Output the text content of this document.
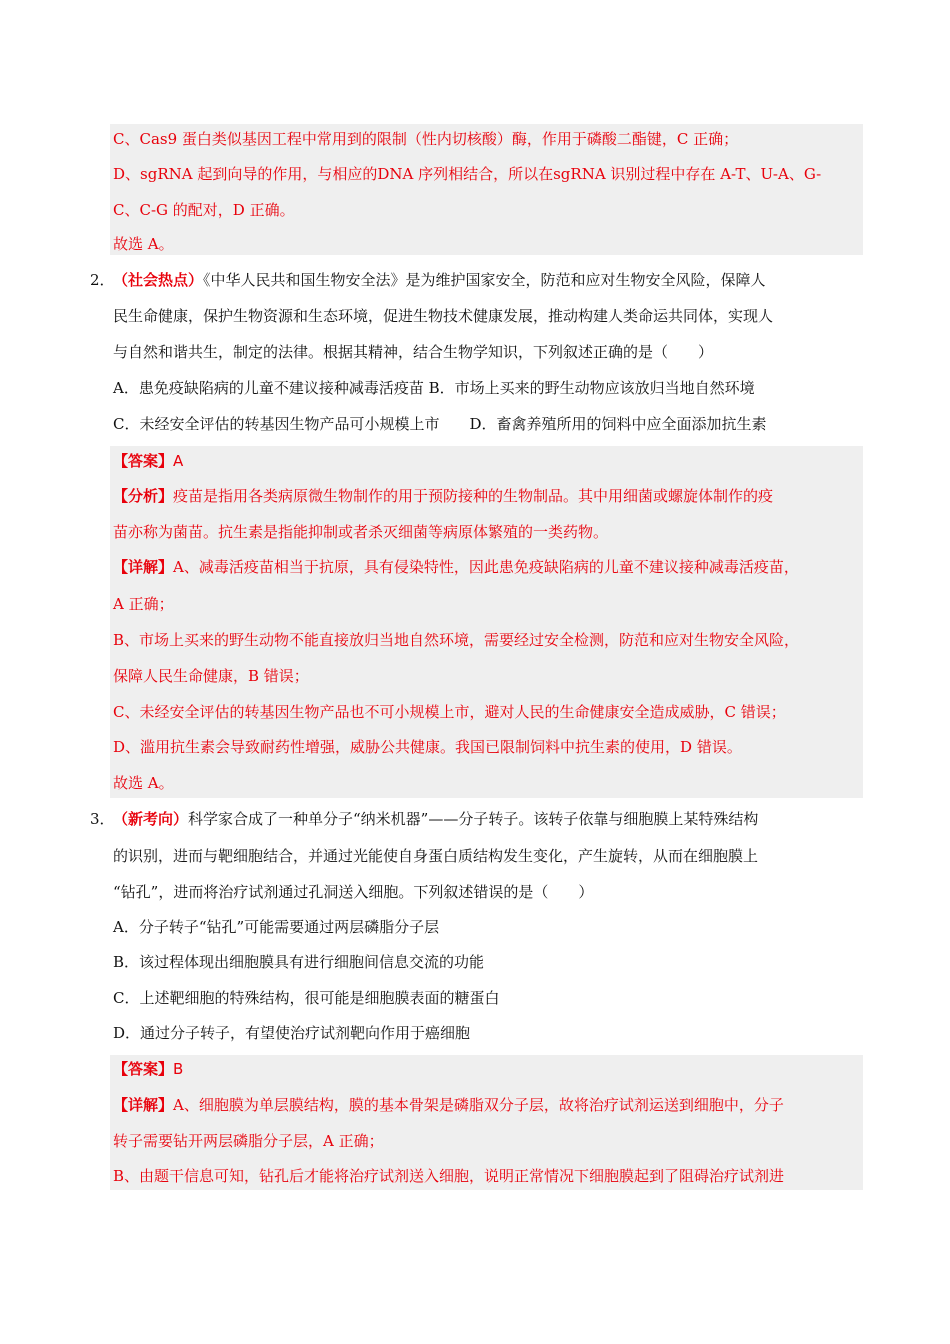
C、Cas9 蛋白类似基因工程中常用到的限制（性内切核酸）酶，作用于磷酸二酯键，C 正确；
D、sgRNA 起到向导的作用，与相应的DNA 序列相结合，所以在sgRNA 识别过程中存在 A-T、U-A、G-
C、C-G 的配对，D 正确。
故选 A。
2．
（社会热点）《中华人民共和国生物安全法》是为维护国家安全，防范和应对生物安全风险，保障人
民生命健康，保护生物资源和生态环境，促进生物技术健康发展，推动构建人类命运共同体，实现人
与自然和谐共生，制定的法律。根据其精神，结合生物学知识，下列叙述正确的是（　　）
A．患免疫缺陷病的儿童不建议接种减毒活疫苗 B．市场上买来的野生动物应该放归当地自然环境
C．未经安全评估的转基因生物产品可小规模上市　　D．畜禽养殖所用的饲料中应全面添加抗生素
【答案】A
【分析】疫苗是指用各类病原微生物制作的用于预防接种的生物制品。其中用细菌或螺旋体制作的疫
苗亦称为菌苗。抗生素是指能抑制或者杀灭细菌等病原体繁殖的一类药物。
【详解】A、减毒活疫苗相当于抗原，具有侵染特性，因此患免疫缺陷病的儿童不建议接种减毒活疫苗，
A 正确；
B、市场上买来的野生动物不能直接放归当地自然环境，需要经过安全检测，防范和应对生物安全风险，
保障人民生命健康，B 错误；
C、未经安全评估的转基因生物产品也不可小规模上市，避对人民的生命健康安全造成威胁，C 错误；
D、滥用抗生素会导致耐药性增强，威胁公共健康。我国已限制饲料中抗生素的使用，D 错误。
故选 A。
3．
（新考向）科学家合成了一种单分子“纳米机器”——分子转子。该转子依靠与细胞膜上某特殊结构
的识别，进而与靶细胞结合，并通过光能使自身蛋白质结构发生变化，产生旋转，从而在细胞膜上
“钻孔”，进而将治疗试剂通过孔洞送入细胞。下列叙述错误的是（　　）
A．分子转子“钻孔”可能需要通过两层磷脂分子层
B．该过程体现出细胞膜具有进行细胞间信息交流的功能
C．上述靶细胞的特殊结构，很可能是细胞膜表面的糖蛋白
D．通过分子转子，有望使治疗试剂靶向作用于癌细胞
【答案】B
【详解】A、细胞膜为单层膜结构，膜的基本骨架是磷脂双分子层，故将治疗试剂运送到细胞中，分子
转子需要钻开两层磷脂分子层，A 正确；
B、由题干信息可知，钻孔后才能将治疗试剂送入细胞，说明正常情况下细胞膜起到了阻碍治疗试剂进
